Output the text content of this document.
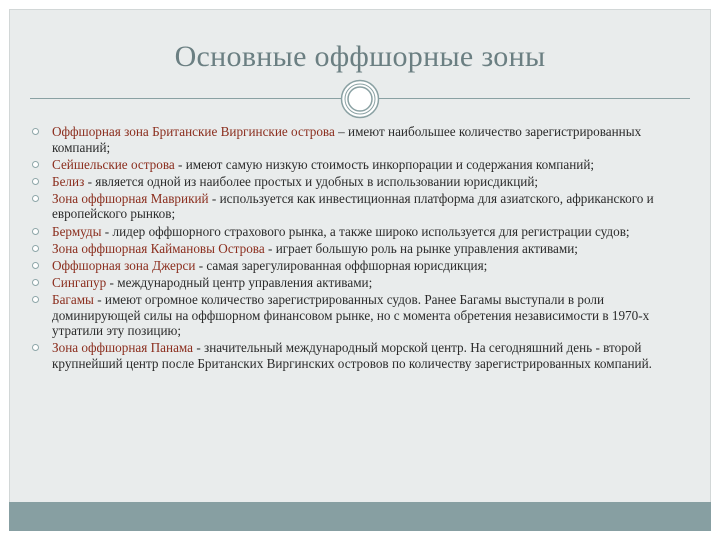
Основные оффшорные зоны
Оффшорная зона Британские Виргинские острова – имеют наибольшее количество зарегистрированных компаний;
Сейшельские острова - имеют самую низкую стоимость инкорпорации и содержания компаний;
Белиз - является одной из наиболее простых и удобных в использовании юрисдикций;
Зона оффшорная Маврикий - используется как инвестиционная платформа для азиатского, африканского и европейского рынков;
Бермуды - лидер оффшорного страхового рынка, а также широко используется для регистрации судов;
Зона оффшорная Каймановы Острова - играет большую роль на рынке управления активами;
Оффшорная зона Джерси - самая зарегулированная оффшорная юрисдикция;
Сингапур - международный центр управления активами;
Багамы - имеют огромное количество зарегистрированных судов. Ранее Багамы выступали в роли доминирующей силы на оффшорном финансовом рынке, но с момента обретения независимости в 1970-х утратили эту позицию;
Зона оффшорная Панама - значительный международный морской центр. На сегодняшний день - второй крупнейший центр после Британских Виргинских островов по количеству зарегистрированных компаний.
